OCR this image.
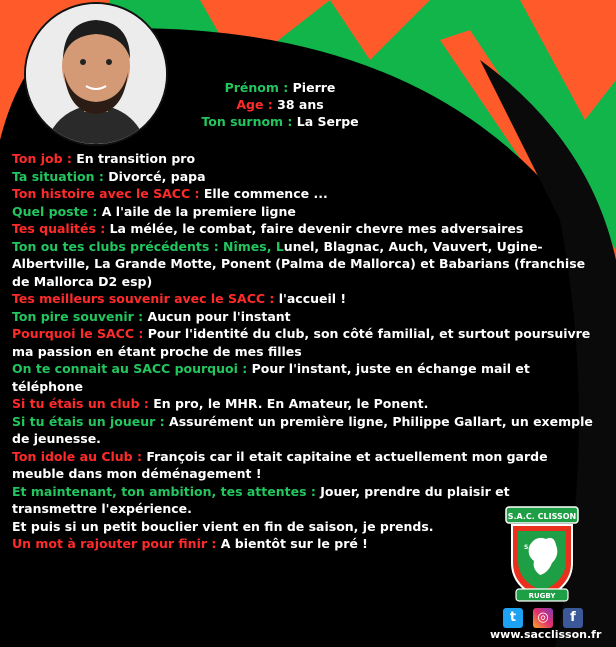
Prénom : Pierre
Age : 38 ans
Ton surnom : La Serpe

Ton job : En transition pro

Ta situation : Divorcé, papa

Ton histoire avec le SACC : Elle commence ...

Quel poste : A l'aile de la premiere ligne

Tes qualités : La mélée, le combat, faire devenir chevre mes adversaires

Ton ou tes clubs précédents : Nîmes, Lunel, Blagnac, Auch, Vauvert, Ugine-Albertville, La Grande Motte, Ponent (Palma de Mallorca) et Babarians (franchise de Mallorca D2 esp)

Tes meilleurs souvenir avec le SACC : l'accueil !

Ton pire souvenir : Aucun pour l'instant

Pourquoi le SACC : Pour l'identité du club, son côté familial, et surtout poursuivre ma passion en étant proche de mes filles

On te connait au SACC pourquoi : Pour l'instant, juste en échange mail et téléphone

Si tu étais un club : En pro, le MHR. En Amateur, le Ponent.

Si tu étais un joueur : Assurément un première ligne, Philippe Gallart, un exemple de jeunesse.

Ton idole au Club : François car il etait capitaine et actuellement mon garde meuble dans mon déménagement !

Et maintenant, ton ambition, tes attentes : Jouer, prendre du plaisir et transmettre l'expérience.

Et puis si un petit bouclier vient en fin de saison, je prends.

Un mot à rajouter pour finir : A bientôt sur le pré !

S.A.C. CLISSON
SAC
RUGBY
t	◎	f
www.sacclisson.fr
